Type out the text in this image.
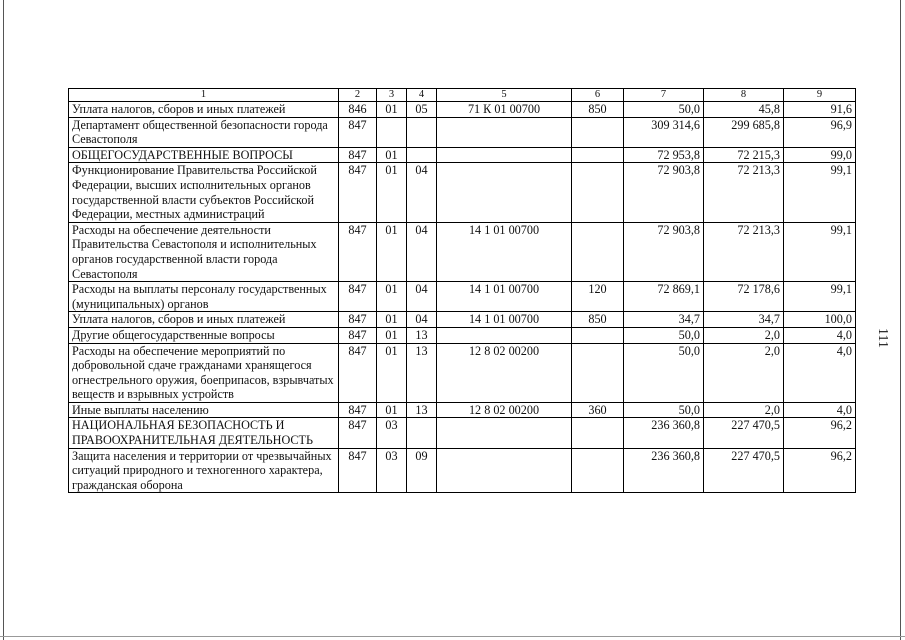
1	2	3	4	5	6	7	8	9
Уплата налогов, сборов и иных платежей	846	01	05	71 К 01 00700	850	50,0	45,8	91,6
Департамент общественной безопасности города Севастополя	847					309 314,6	299 685,8	96,9
ОБЩЕГОСУДАРСТВЕННЫЕ ВОПРОСЫ	847	01				72 953,8	72 215,3	99,0
Функционирование Правительства Российской Федерации, высших исполнительных органов государственной власти субъектов Российской Федерации, местных администраций	847	01	04			72 903,8	72 213,3	99,1
Расходы на обеспечение деятельности Правительства Севастополя и исполнительных органов государственной власти города Севастополя	847	01	04	14 1 01 00700		72 903,8	72 213,3	99,1
Расходы на выплаты персоналу государственных (муниципальных) органов	847	01	04	14 1 01 00700	120	72 869,1	72 178,6	99,1
Уплата налогов, сборов и иных платежей	847	01	04	14 1 01 00700	850	34,7	34,7	100,0
Другие общегосударственные вопросы	847	01	13			50,0	2,0	4,0
Расходы на обеспечение мероприятий по добровольной сдаче гражданами хранящегося огнестрельного оружия, боеприпасов, взрывчатых веществ и взрывных устройств	847	01	13	12 8 02 00200		50,0	2,0	4,0
Иные выплаты населению	847	01	13	12 8 02 00200	360	50,0	2,0	4,0
НАЦИОНАЛЬНАЯ БЕЗОПАСНОСТЬ И ПРАВООХРАНИТЕЛЬНАЯ ДЕЯТЕЛЬНОСТЬ	847	03				236 360,8	227 470,5	96,2
Защита населения и территории от чрезвычайных ситуаций природного и техногенного характера, гражданская оборона	847	03	09			236 360,8	227 470,5	96,2
111
